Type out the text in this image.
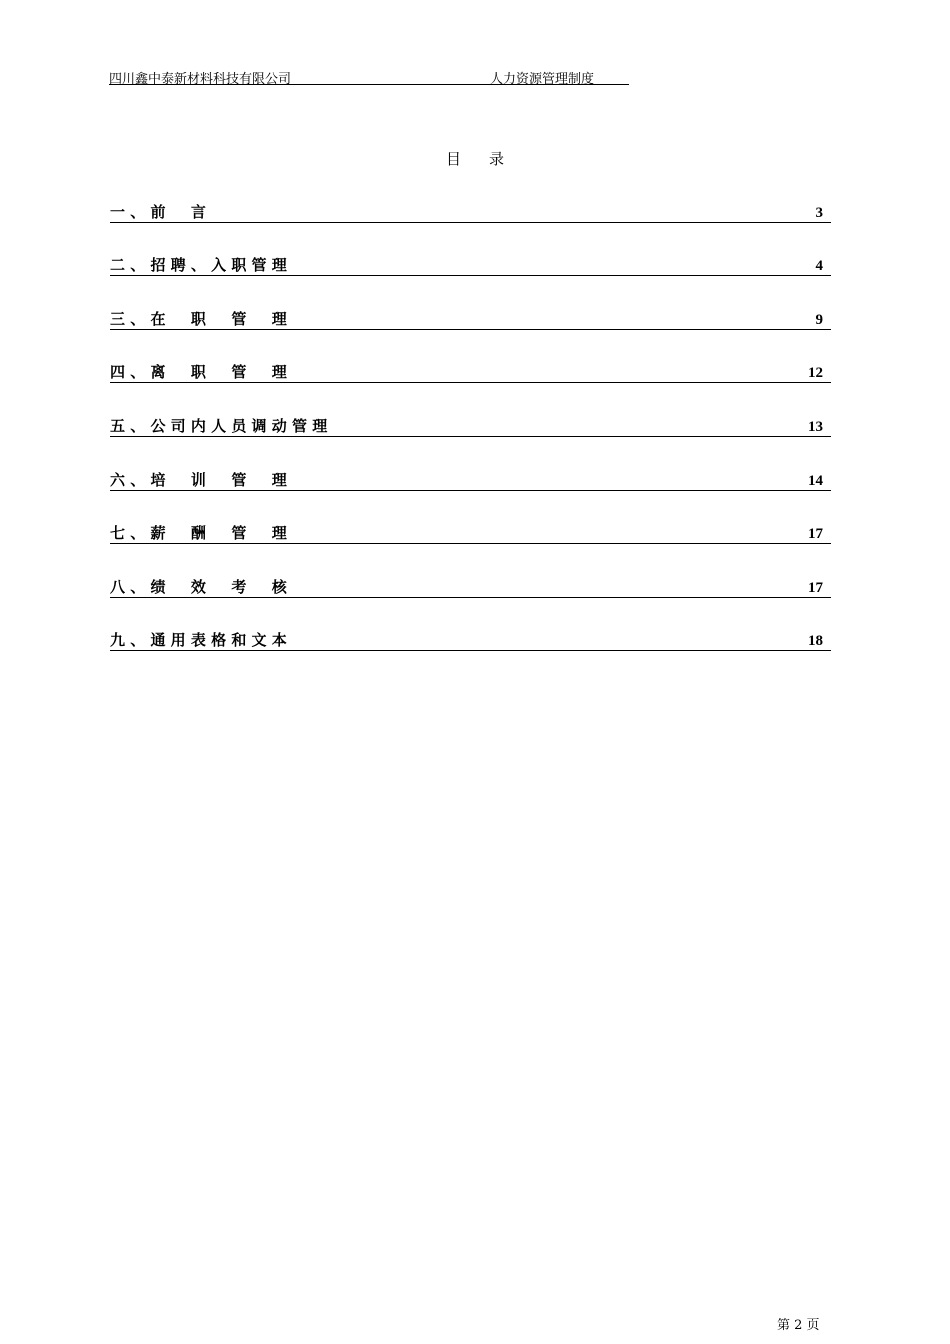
四川鑫中泰新材料科技有限公司	人力资源管理制度
目 录
一 、 前 　 言	3
二 、 招 聘 、 入 职 管 理	4
三 、 在 　 职 　 管 　 理	9
四 、 离 　 职 　 管 　 理	12
五 、 公 司 内 人 员 调 动 管 理	13
六 、 培 　 训 　 管 　 理	14
七 、 薪 　 酬 　 管 　 理	17
八 、 绩 　 效 　 考 　 核	17
九 、 通 用 表 格 和 文 本	18
第 2 页
